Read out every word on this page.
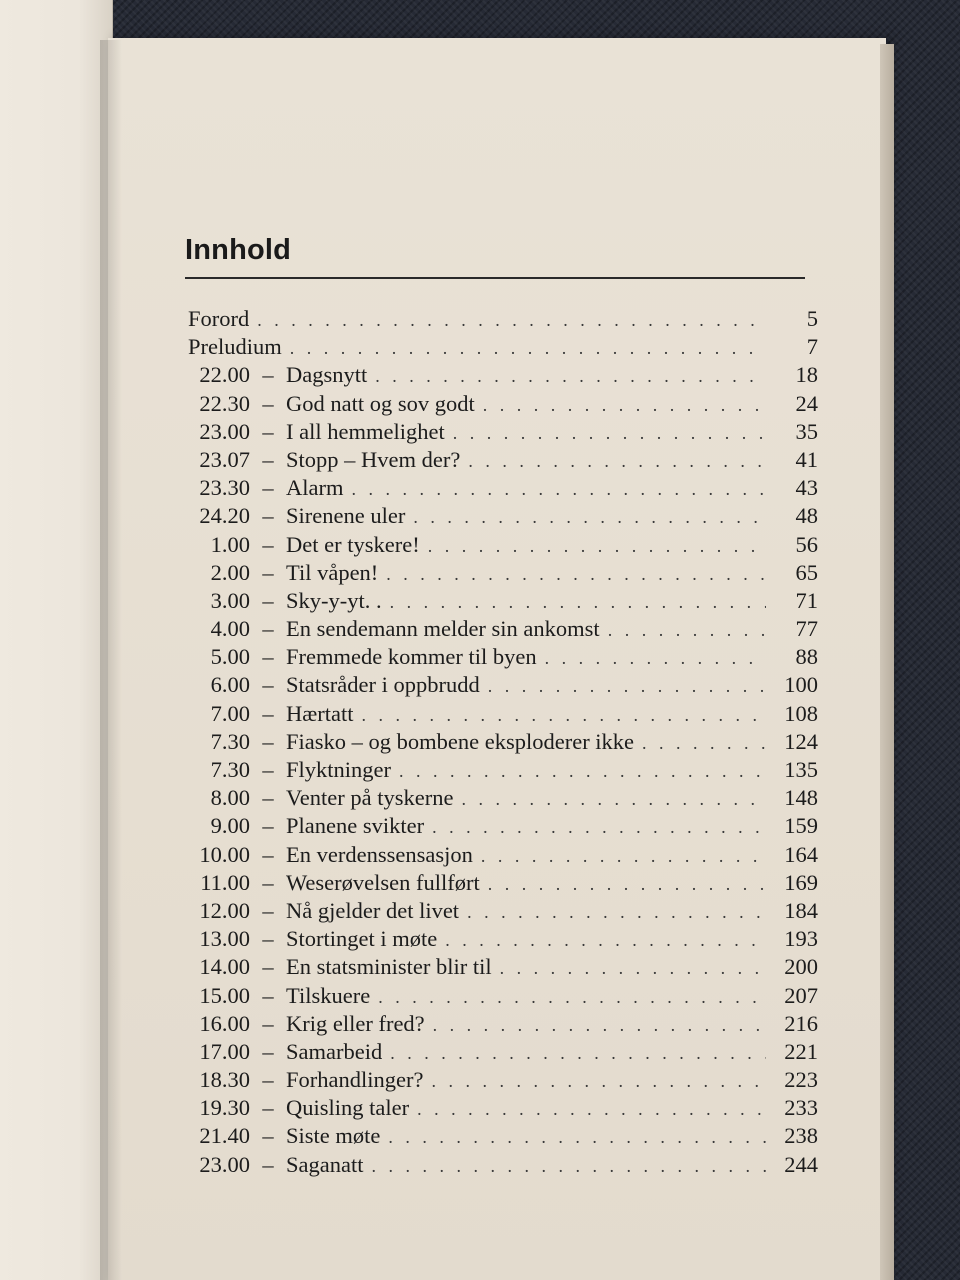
Innhold
Forord . . .	5
Preludium . . .	7
22.00 – Dagsnytt . . .	18
22.30 – God natt og sov godt . . .	24
23.00 – I all hemmelighet . . .	35
23.07 – Stopp – Hvem der? . . .	41
23.30 – Alarm . . .	43
24.20 – Sirenene uler . . .	48
1.00 – Det er tyskere! . . .	56
2.00 – Til våpen! . . .	65
3.00 – Sky-y-yt. . . . .	71
4.00 – En sendemann melder sin ankomst . . .	77
5.00 – Fremmede kommer til byen . . .	88
6.00 – Statsråder i oppbrudd . . .	100
7.00 – Hærtatt . . .	108
7.30 – Fiasko – og bombene eksploderer ikke . . .	124
7.30 – Flyktninger . . .	135
8.00 – Venter på tyskerne . . .	148
9.00 – Planene svikter . . .	159
10.00 – En verdenssensasjon . . .	164
11.00 – Weserøvelsen fullført . . .	169
12.00 – Nå gjelder det livet . . .	184
13.00 – Stortinget i møte . . .	193
14.00 – En statsminister blir til . . .	200
15.00 – Tilskuere . . .	207
16.00 – Krig eller fred? . . .	216
17.00 – Samarbeid . . .	221
18.30 – Forhandlinger? . . .	223
19.30 – Quisling taler . . .	233
21.40 – Siste møte . . .	238
23.00 – Saganatt . . .	244
